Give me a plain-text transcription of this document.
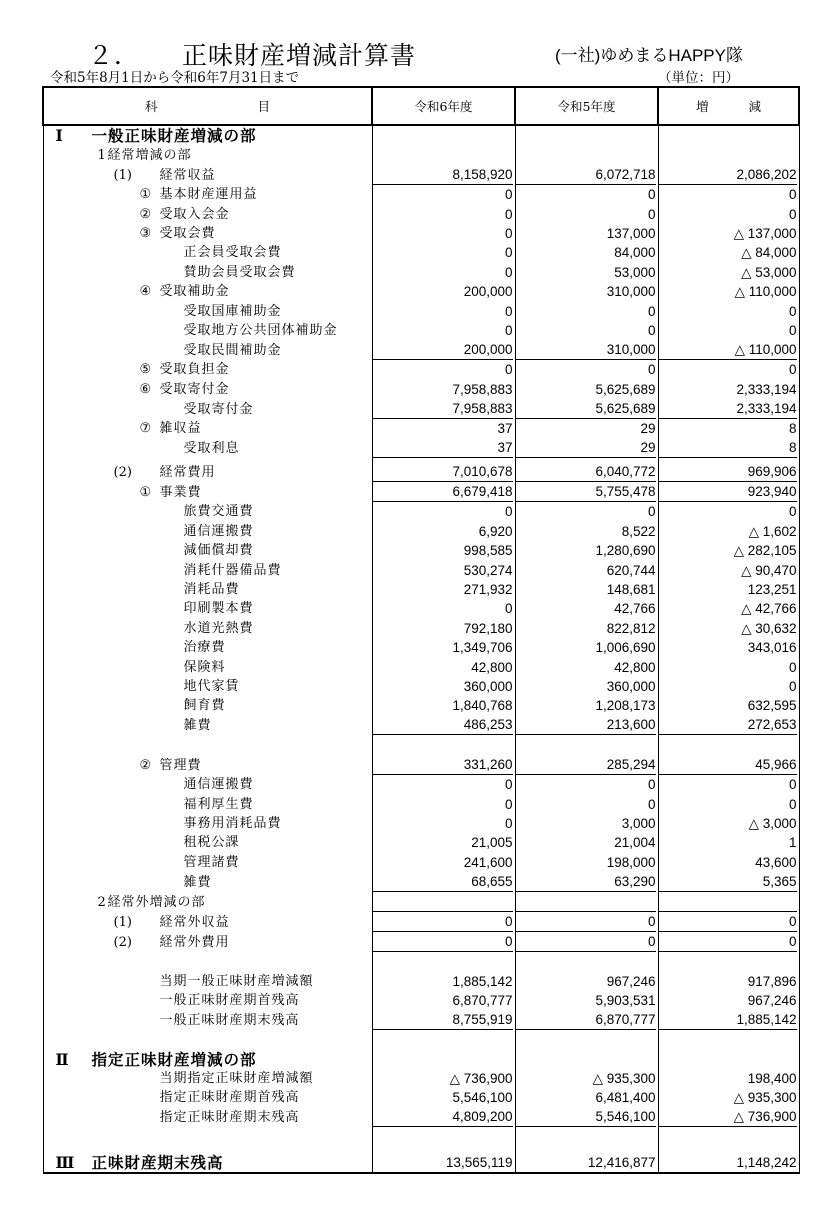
２． 正味財産増減計算書	(一社)ゆめまるHAPPY隊
令和5年8月1日から令和6年7月31日まで	（単位：円）
科 目	令和6年度	令和5年度	増 減

Ⅰ 一般正味財産増減の部			

1 経常増減の部			

(1) 経常収益	8,158,920	6,072,718	2,086,202

① 基本財産運用益	0	0	0

② 受取入会金	0	0	0

③ 受取会費	0	137,000	△ 137,000

正会員受取会費	0	84,000	△ 84,000

賛助会員受取会費	0	53,000	△ 53,000

④ 受取補助金	200,000	310,000	△ 110,000

受取国庫補助金	0	0	0

受取地方公共団体補助金	0	0	0

受取民間補助金	200,000	310,000	△ 110,000

⑤ 受取負担金	0	0	0

⑥ 受取寄付金	7,958,883	5,625,689	2,333,194

受取寄付金	7,958,883	5,625,689	2,333,194

⑦ 雑収益	37	29	8

受取利息	37	29	8

(2) 経常費用	7,010,678	6,040,772	969,906

① 事業費	6,679,418	5,755,478	923,940

旅費交通費	0	0	0

通信運搬費	6,920	8,522	△ 1,602

減価償却費	998,585	1,280,690	△ 282,105

消耗什器備品費	530,274	620,744	△ 90,470

消耗品費	271,932	148,681	123,251

印刷製本費	0	42,766	△ 42,766

水道光熱費	792,180	822,812	△ 30,632

治療費	1,349,706	1,006,690	343,016

保険料	42,800	42,800	0

地代家賃	360,000	360,000	0

飼育費	1,840,768	1,208,173	632,595

雑費	486,253	213,600	272,653

② 管理費	331,260	285,294	45,966

通信運搬費	0	0	0

福利厚生費	0	0	0

事務用消耗品費	0	3,000	△ 3,000

租税公課	21,005	21,004	1

管理諸費	241,600	198,000	43,600

雑費	68,655	63,290	5,365

2 経常外増減の部			

(1) 経常外収益	0	0	0

(2) 経常外費用	0	0	0

当期一般正味財産増減額	1,885,142	967,246	917,896

一般正味財産期首残高	6,870,777	5,903,531	967,246

一般正味財産期末残高	8,755,919	6,870,777	1,885,142

Ⅱ 指定正味財産増減の部			

当期指定正味財産増減額	△ 736,900	△ 935,300	198,400

指定正味財産期首残高	5,546,100	6,481,400	△ 935,300

指定正味財産期末残高	4,809,200	5,546,100	△ 736,900

Ⅲ 正味財産期末残高	13,565,119	12,416,877	1,148,242
